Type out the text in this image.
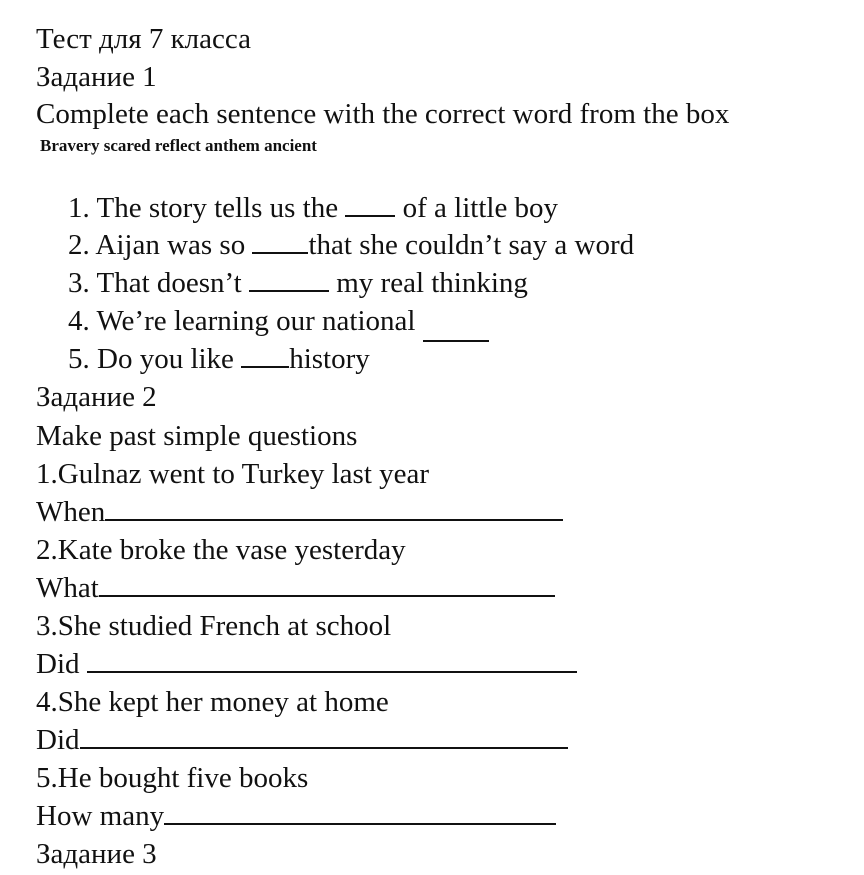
Тест для 7 класса
Задание 1
Complete each sentence with the correct word from the box
Bravery scared reflect anthem ancient
1. The story tells us the  of a little boy
2. Aijan was so that she couldn’t say a word
3. That doesn’t	my real thinking
4. We’re learning our national
5. Do you like history
Задание 2
Make past simple questions
1.Gulnaz went to Turkey last year
When
2.Kate broke the vase yesterday
What
3.She studied French at school
Did
4.She kept her money at home
Did
5.He bought five books
How many
Задание 3
